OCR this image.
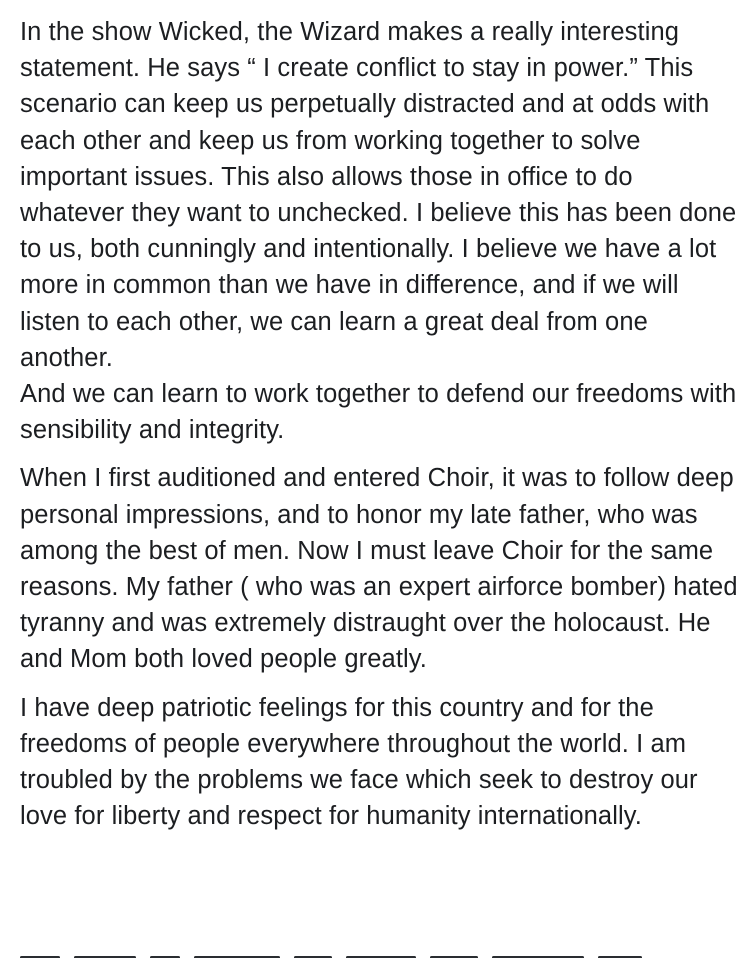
In the show Wicked, the Wizard makes a really interesting statement. He says “ I create conflict to stay in power.” This scenario can keep us perpetually distracted and at odds with each other and keep us from working together to solve important issues. This also allows those in office to do whatever they want to unchecked. I believe this has been done to us, both cunningly and intentionally. I believe we have a lot more in common than we have in difference, and if we will listen to each other, we can learn a great deal from one another.

And we can learn to work together to defend our freedoms with sensibility and integrity.

When I first auditioned and entered Choir, it was to follow deep personal impressions, and to honor my late father, who was among the best of men. Now I must leave Choir for the same reasons. My father ( who was an expert airforce bomber) hated tyranny and was extremely distraught over the holocaust. He and Mom both loved people greatly.

I have deep patriotic feelings for this country and for the freedoms of people everywhere throughout the world. I am troubled by the problems we face which seek to destroy our love for liberty and respect for humanity internationally.
